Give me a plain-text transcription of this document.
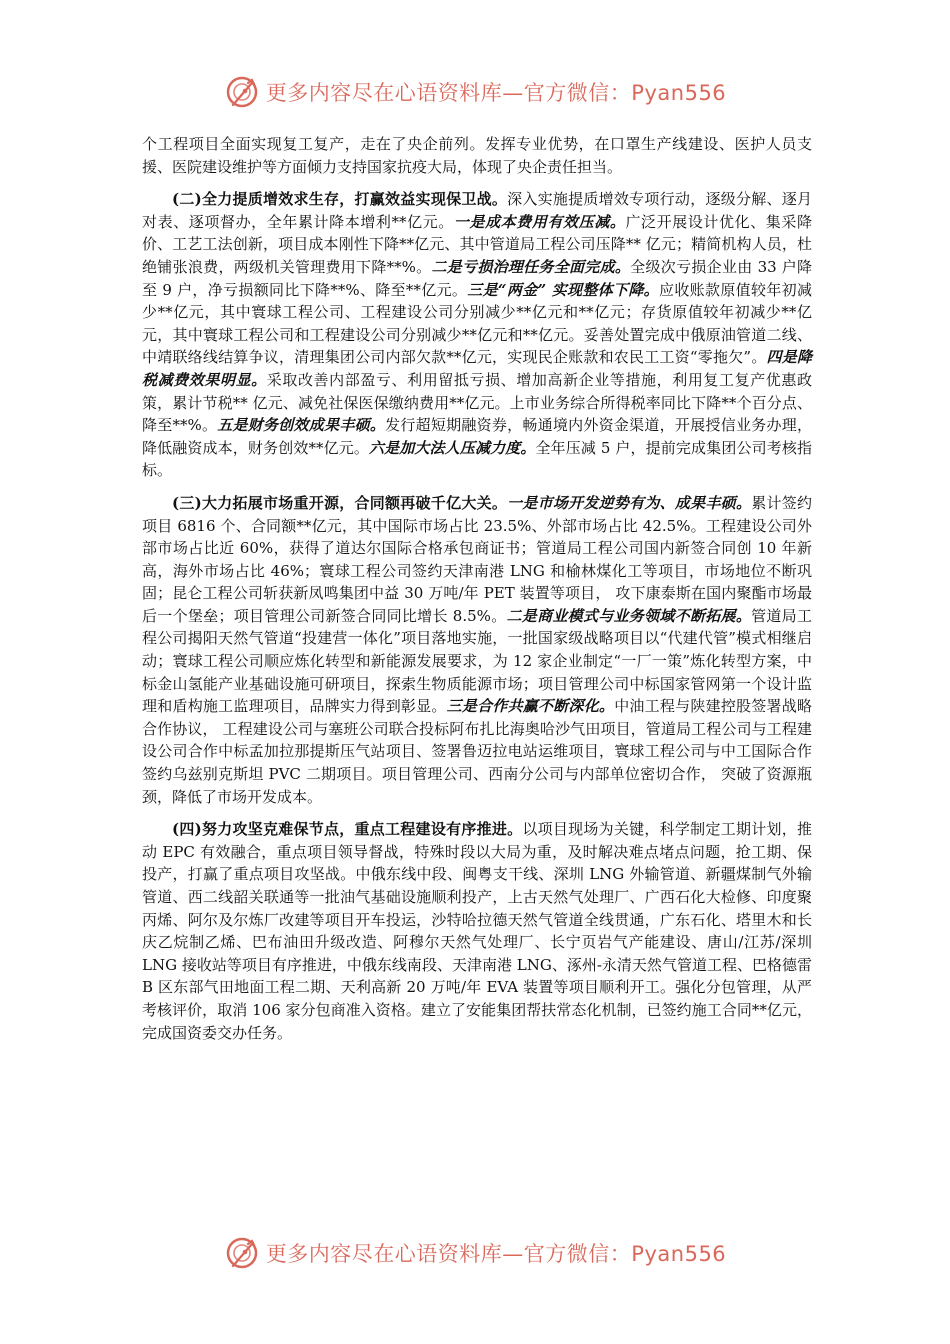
更多内容尽在心语资料库—官方微信：Pyan556

个工程项目全面实现复工复产，走在了央企前列。发挥专业优势，在口罩生产线建设、医护人员支援、医院建设维护等方面倾力支持国家抗疫大局，体现了央企责任担当。

(二)全力提质增效求生存，打赢效益实现保卫战。深入实施提质增效专项行动，逐级分解、逐月对表、逐项督办，全年累计降本增利**亿元。一是成本费用有效压减。广泛开展设计优化、集采降价、工艺工法创新，项目成本刚性下降**亿元、其中管道局工程公司压降** 亿元；精简机构人员，杜绝铺张浪费，两级机关管理费用下降**%。二是亏损治理任务全面完成。全级次亏损企业由 33 户降至 9 户，净亏损额同比下降**%、降至**亿元。三是“两金” 实现整体下降。应收账款原值较年初减少**亿元，其中寰球工程公司、工程建设公司分别减少**亿元和**亿元；存货原值较年初减少**亿元，其中寰球工程公司和工程建设公司分别减少**亿元和**亿元。妥善处置完成中俄原油管道二线、中靖联络线结算争议，清理集团公司内部欠款**亿元，实现民企账款和农民工工资“零拖欠”。四是降税减费效果明显。采取改善内部盈亏、利用留抵亏损、增加高新企业等措施，利用复工复产优惠政策，累计节税** 亿元、减免社保医保缴纳费用**亿元。上市业务综合所得税率同比下降**个百分点、降至**%。五是财务创效成果丰硕。发行超短期融资券，畅通境内外资金渠道，开展授信业务办理，降低融资成本，财务创效**亿元。六是加大法人压减力度。全年压减 5 户，提前完成集团公司考核指标。

(三)大力拓展市场重开源，合同额再破千亿大关。一是市场开发逆势有为、成果丰硕。累计签约项目 6816 个、合同额**亿元，其中国际市场占比 23.5%、外部市场占比 42.5%。工程建设公司外部市场占比近 60%，获得了道达尔国际合格承包商证书；管道局工程公司国内新签合同创 10 年新高，海外市场占比 46%；寰球工程公司签约天津南港 LNG 和榆林煤化工等项目，市场地位不断巩固；昆仑工程公司斩获新凤鸣集团中益 30 万吨/年 PET 装置等项目， 攻下康泰斯在国内聚酯市场最后一个堡垒；项目管理公司新签合同同比增长 8.5%。二是商业模式与业务领域不断拓展。管道局工程公司揭阳天然气管道“投建营一体化”项目落地实施，一批国家级战略项目以“代建代管”模式相继启动；寰球工程公司顺应炼化转型和新能源发展要求，为 12 家企业制定“一厂一策”炼化转型方案，中标金山氢能产业基础设施可研项目，探索生物质能源市场；项目管理公司中标国家管网第一个设计监理和盾构施工监理项目，品牌实力得到彰显。三是合作共赢不断深化。中油工程与陕建控股签署战略合作协议， 工程建设公司与塞班公司联合投标阿布扎比海奥哈沙气田项目，管道局工程公司与工程建设公司合作中标孟加拉那提斯压气站项目、签署鲁迈拉电站运维项目，寰球工程公司与中工国际合作签约乌兹别克斯坦 PVC 二期项目。项目管理公司、西南分公司与内部单位密切合作， 突破了资源瓶颈，降低了市场开发成本。

(四)努力攻坚克难保节点，重点工程建设有序推进。以项目现场为关键，科学制定工期计划，推动 EPC 有效融合，重点项目领导督战，特殊时段以大局为重，及时解决难点堵点问题，抢工期、保投产，打赢了重点项目攻坚战。中俄东线中段、闽粤支干线、深圳 LNG 外输管道、新疆煤制气外输管道、西二线韶关联通等一批油气基础设施顺利投产，上古天然气处理厂、广西石化大检修、印度聚丙烯、阿尔及尔炼厂改建等项目开车投运，沙特哈拉德天然气管道全线贯通，广东石化、塔里木和长庆乙烷制乙烯、巴布油田升级改造、阿穆尔天然气处理厂、长宁页岩气产能建设、唐山/江苏/深圳 LNG 接收站等项目有序推进，中俄东线南段、天津南港 LNG、涿州-永清天然气管道工程、巴格德雷 B 区东部气田地面工程二期、天利高新 20 万吨/年 EVA 装置等项目顺利开工。强化分包管理，从严考核评价，取消 106 家分包商准入资格。建立了安能集团帮扶常态化机制，已签约施工合同**亿元，完成国资委交办任务。

更多内容尽在心语资料库—官方微信：Pyan556
